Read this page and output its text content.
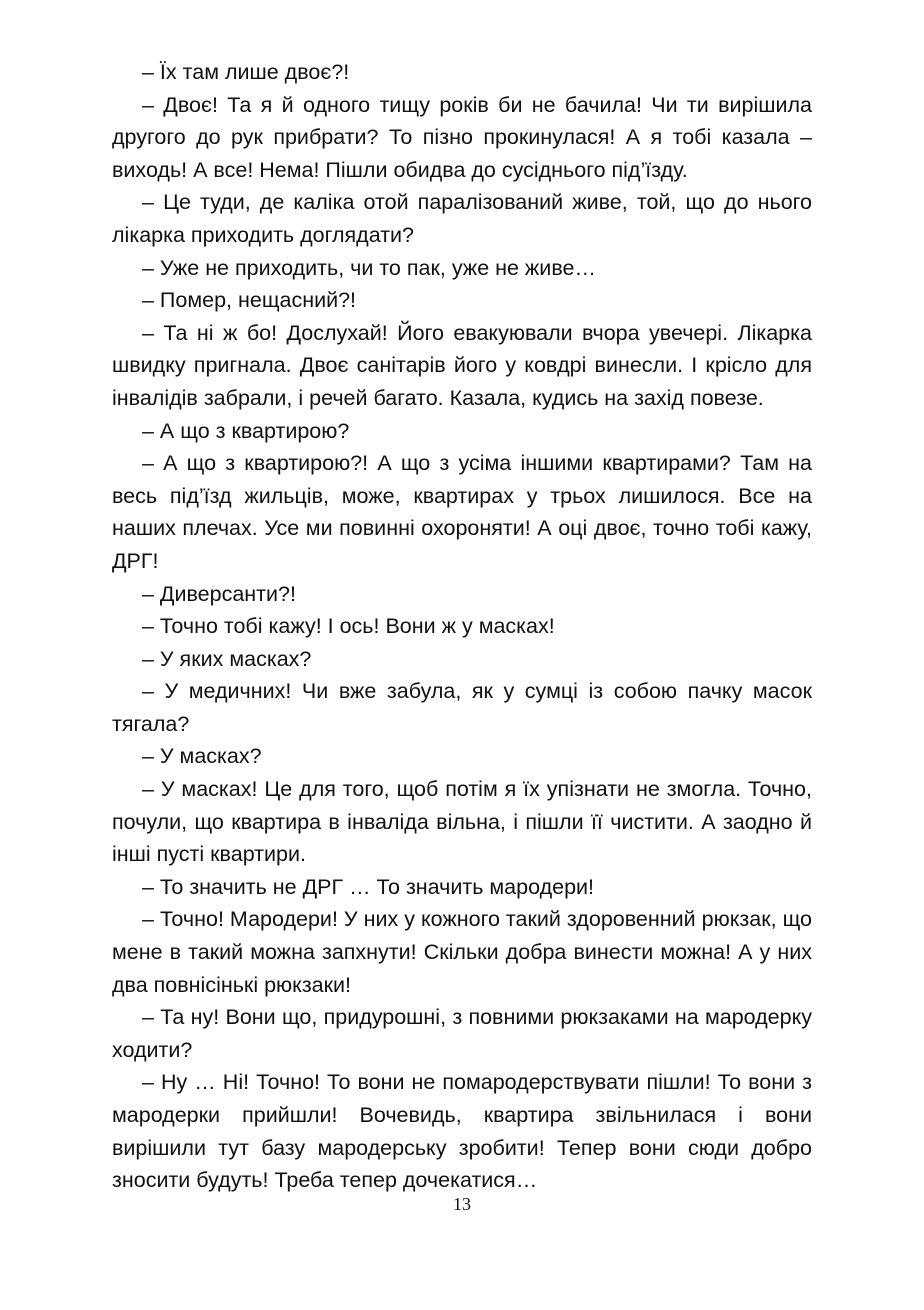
– Їх там лише двоє?!

– Двоє! Та я й одного тищу років би не бачила! Чи ти вирішила другого до рук прибрати? То пізно прокинулася! А я тобі казала – виходь! А все! Нема! Пішли обидва до сусіднього під’їзду.

– Це туди, де каліка отой паралізований живе, той, що до нього лікарка приходить доглядати?

– Уже не приходить, чи то пак, уже не живе…

– Помер, нещасний?!

– Та ні ж бо! Дослухай! Його евакуювали вчора увечері. Лікарка швидку пригнала. Двоє санітарів його у ковдрі винесли. І крісло для інвалідів забрали, і речей багато. Казала, кудись на захід повезе.

– А що з квартирою?

– А що з квартирою?! А що з усіма іншими квартирами? Там на весь під’їзд жильців, може, квартирах у трьох лишилося. Все на наших плечах. Усе ми повинні охороняти! А оці двоє, точно тобі кажу, ДРГ!

– Диверсанти?!

– Точно тобі кажу! І ось! Вони ж у масках!

– У яких масках?

– У медичних! Чи вже забула, як у сумці із собою пачку масок тягала?

– У масках?

– У масках! Це для того, щоб потім я їх упізнати не змогла. Точно, почули, що квартира в інваліда вільна, і пішли її чистити. А заодно й інші пусті квартири.

– То значить не ДРГ … То значить мародери!

– Точно! Мародери! У них у кожного такий здоровенний рюкзак, що мене в такий можна запхнути! Скільки добра винести можна! А у них два повнісінькі рюкзаки!

– Та ну! Вони що, придурошні, з повними рюкзаками на мародерку ходити?

– Ну … Ні! Точно! То вони не помародерствувати пішли! То вони з мародерки прийшли! Вочевидь, квартира звільнилася і вони вирішили тут базу мародерську зробити! Тепер вони сюди добро зносити будуть! Треба тепер дочекатися…

13
